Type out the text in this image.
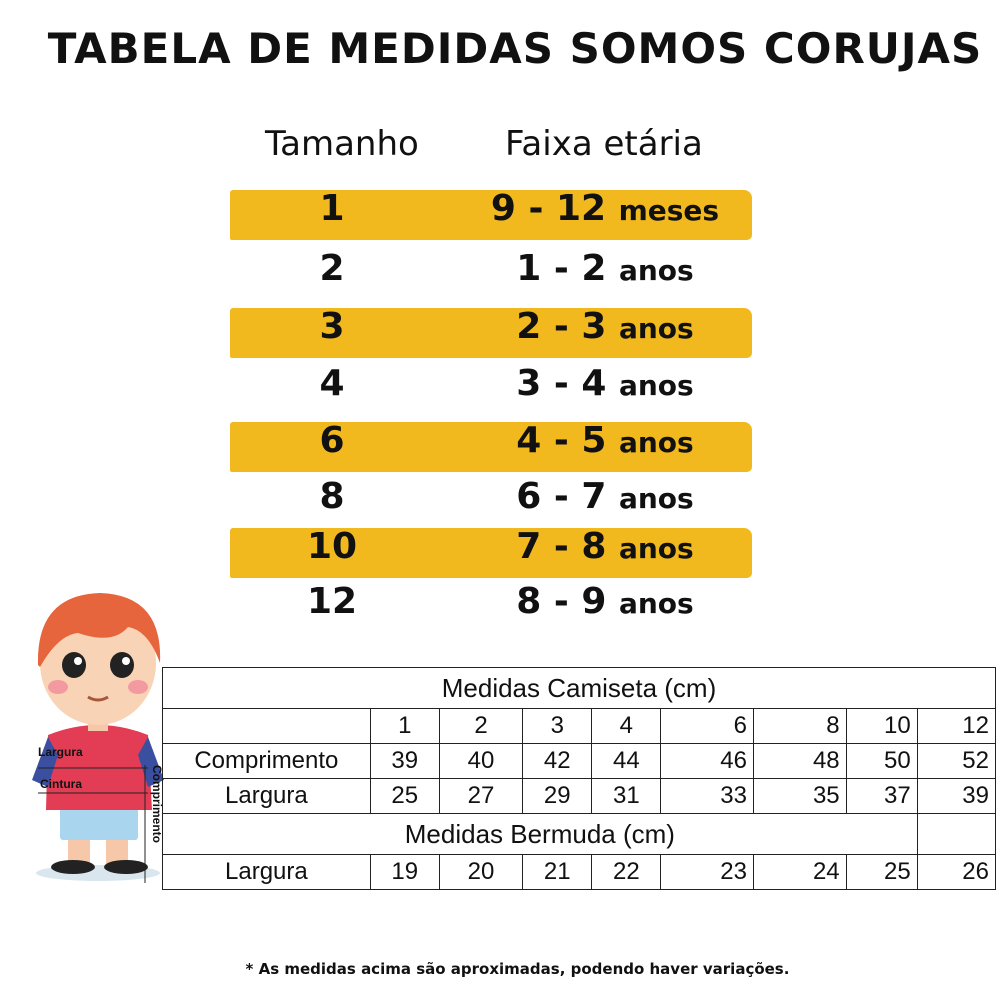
TABELA DE MEDIDAS SOMOS CORUJAS
Tamanho	Faixa etária
1	9 - 12 meses
2	1 - 2 anos
3	2 - 3 anos
4	3 - 4 anos
6	4 - 5 anos
8	6 - 7 anos
10	7 - 8 anos
12	8 - 9 anos
Largura
Cintura	Comprimento
Medidas Camiseta (cm)								
	1	2	3	4	6	8	10	12
Comprimento	39	40	42	44	46	48	50	52
Largura	25	27	29	31	33	35	37	39
Medidas Bermuda (cm)								
Largura	19	20	21	22	23	24	25	26
* As medidas acima são aproximadas, podendo haver variações.
